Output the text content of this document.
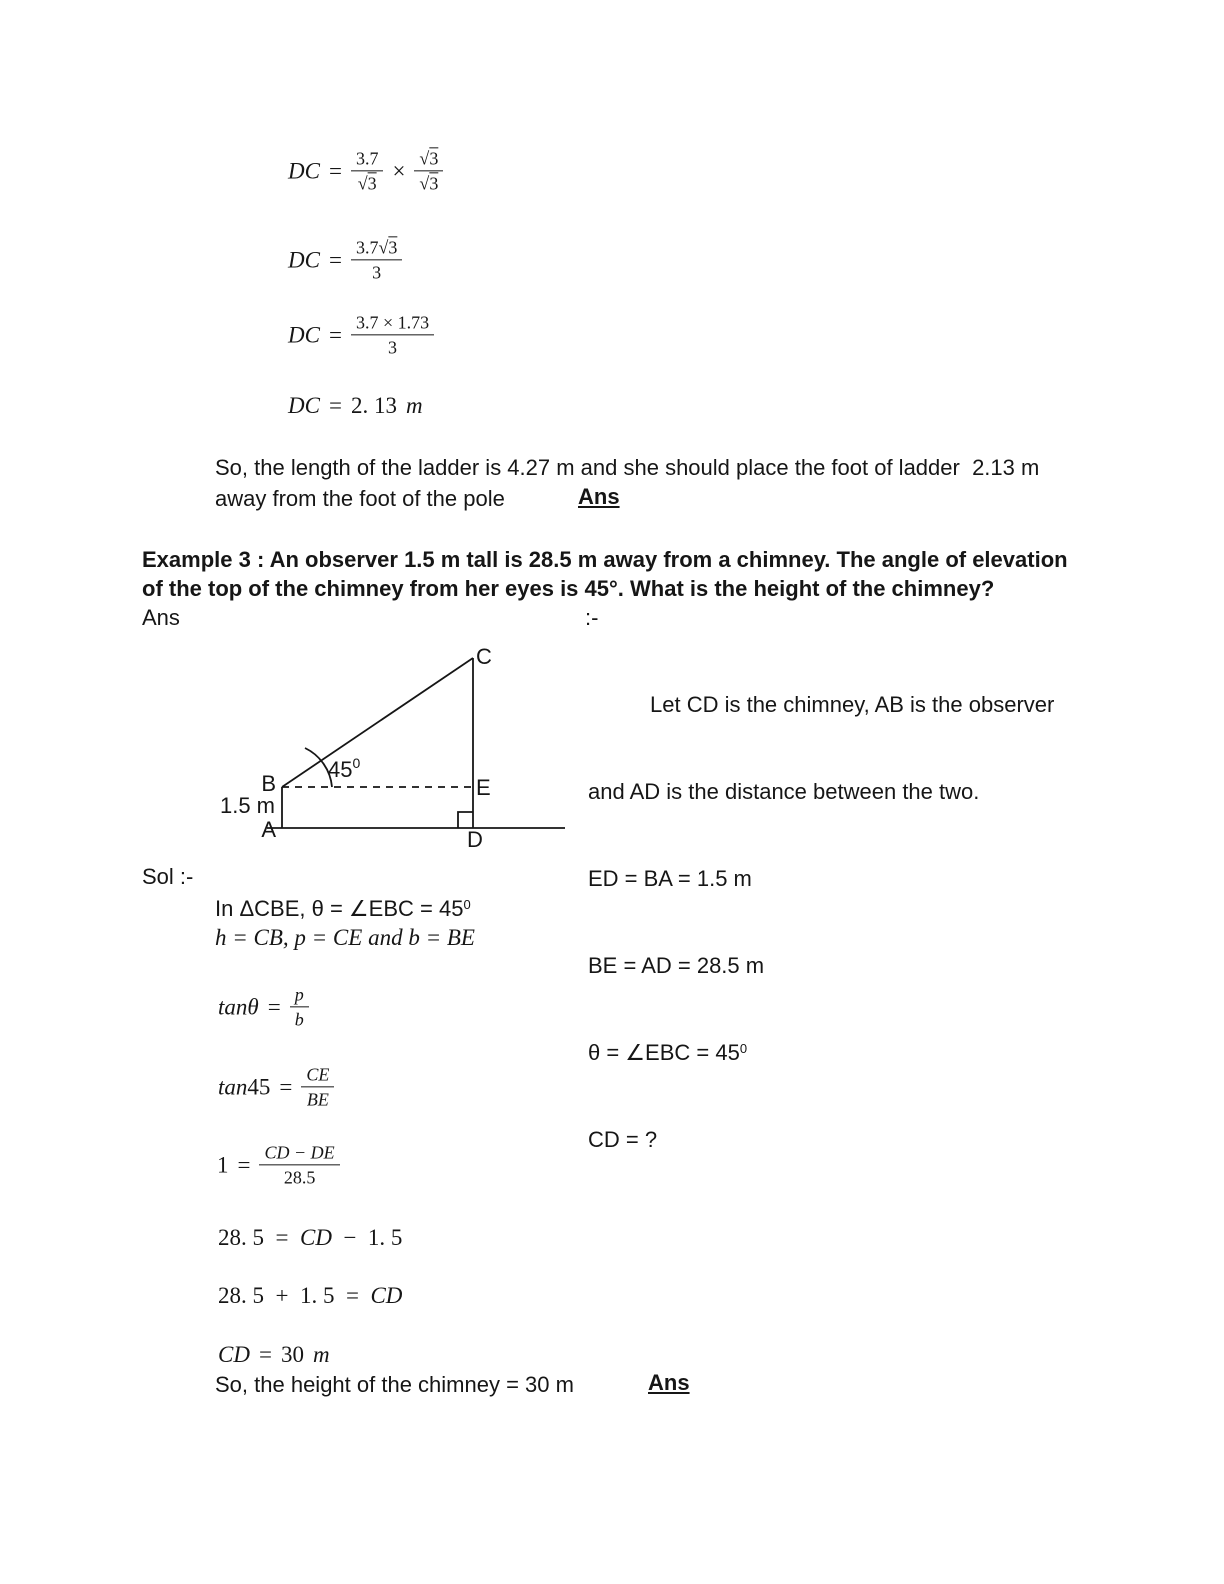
DC = $\frac{3.7}{√3} \times \frac{√3}{√3}$
DC = $\frac{3.7√3}{3}$
DC = $\frac{3.7 \times 1.73}{3}$
DC = 2. 13 m
So, the length of the ladder is 4.27 m and she should place the foot of ladder  2.13 m
away from the foot of the pole	Ans
Example 3 : An observer 1.5 m tall is 28.5 m away from a chimney. The angle of elevation
of the top of the chimney from her eyes is 45°. What is the height of the chimney?
Ans	:-
C
B	E
A	D
$45^0$
1.5 m

Let CD is the chimney, AB is the observer

and AD is the distance between the two.

ED = BA = 1.5 m

BE = AD = 28.5 m

θ = ∠EBC = $45^0$

CD = ?

Sol :-
In ΔCBE, θ = ∠EBC = $45^0$
h = CB, p = CE and b = BE
$\tan\theta = \frac{p}{b}$
$\tan 45 = \frac{CE}{BE}$
$1 = \frac{CD - DE}{28.5}$
28. 5  = CD −  1. 5
28. 5  +  1. 5  = CD
CD = 30 m
So, the height of the chimney = 30 m	Ans
